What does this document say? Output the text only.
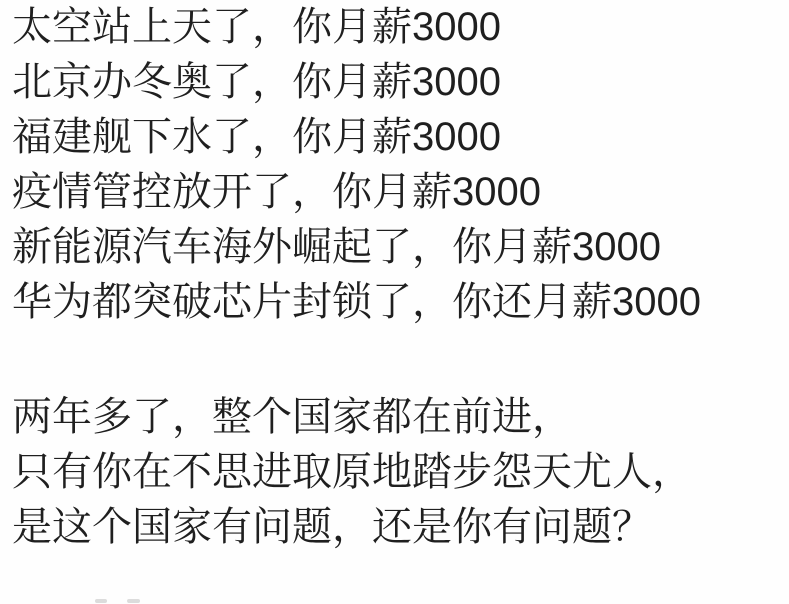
太空站上天了，你月薪3000
北京办冬奥了，你月薪3000
福建舰下水了，你月薪3000
疫情管控放开了，你月薪3000
新能源汽车海外崛起了，你月薪3000
华为都突破芯片封锁了，你还月薪3000
两年多了，整个国家都在前进，
只有你在不思进取原地踏步怨天尤人，
是这个国家有问题，还是你有问题？
